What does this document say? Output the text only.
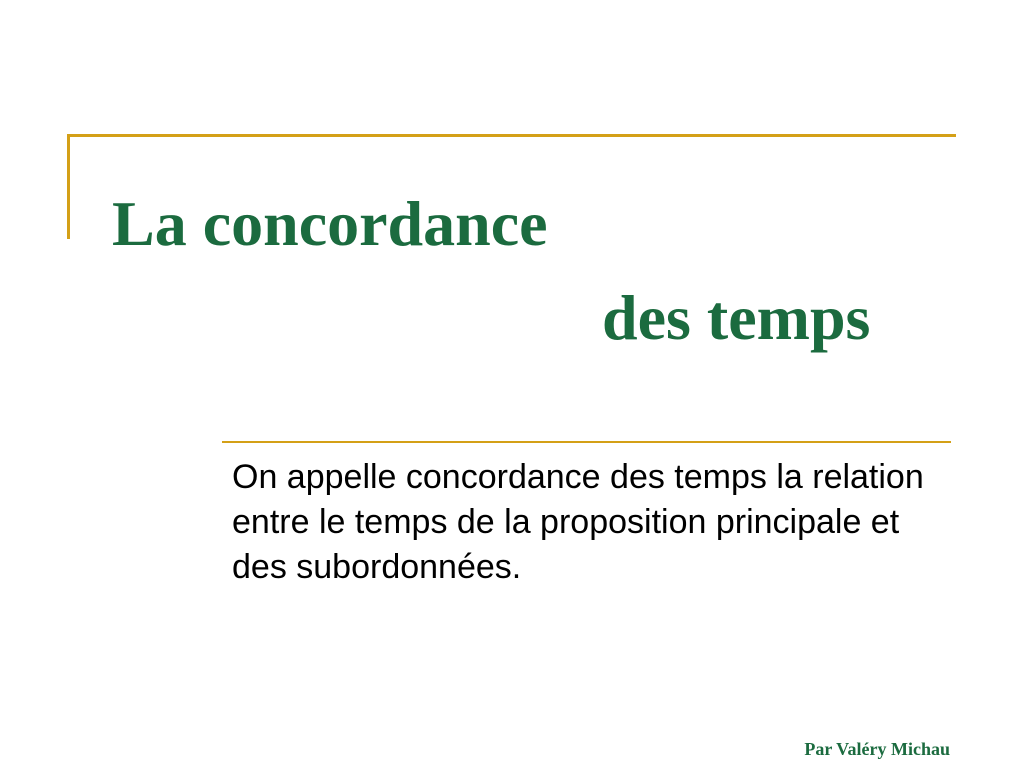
La concordance
des temps
On appelle concordance des temps la relation entre le temps de la proposition principale et des subordonnées.
Par Valéry Michau
